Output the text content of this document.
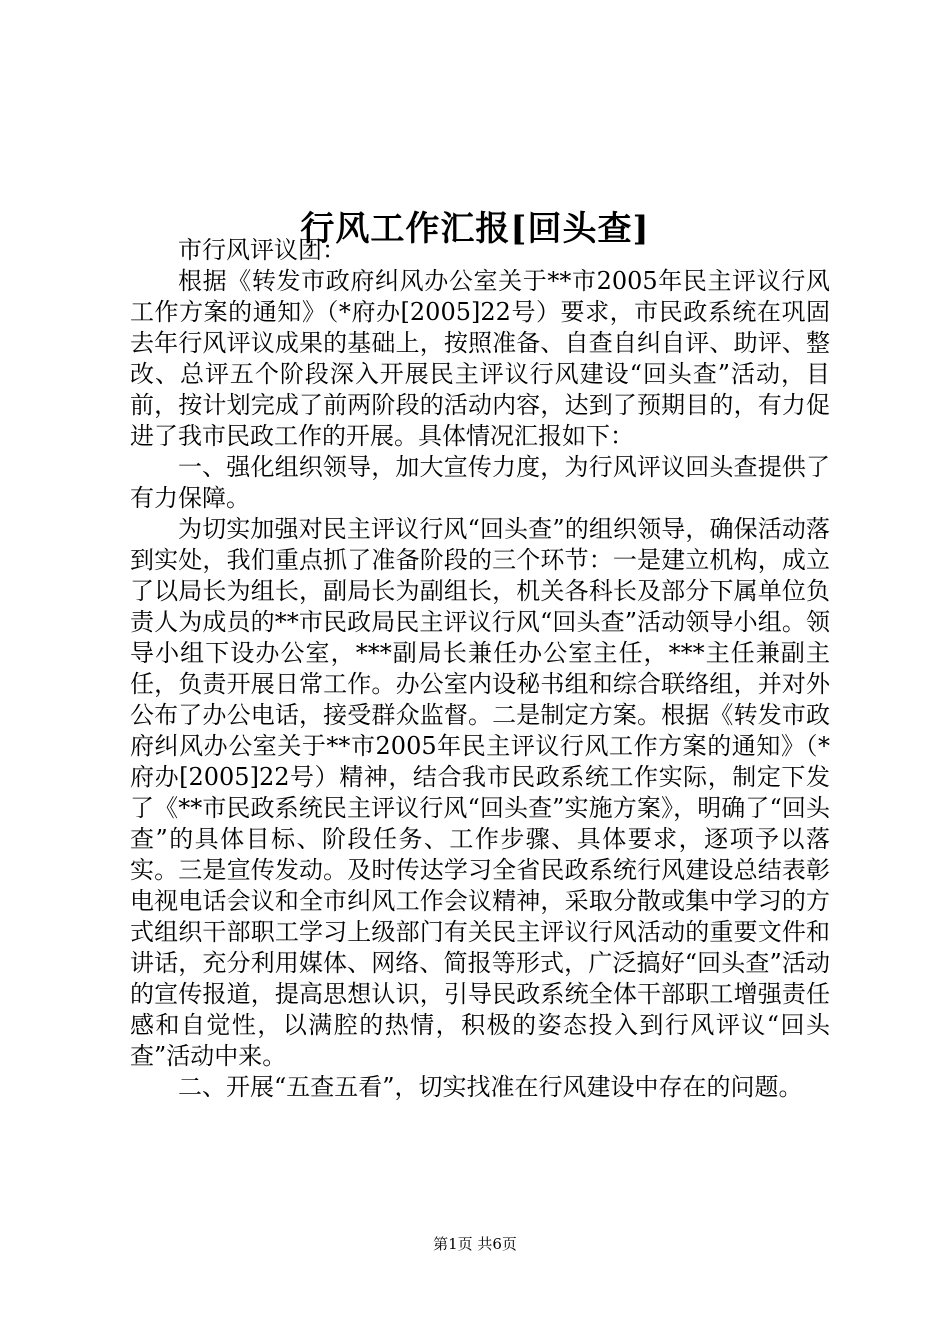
行风工作汇报[回头查]

市行风评议团：

根据《转发市政府纠风办公室关于**市2005年民主评议行风工作方案的通知》（*府办[2005]22号）要求，市民政系统在巩固去年行风评议成果的基础上，按照准备、自查自纠自评、助评、整改、总评五个阶段深入开展民主评议行风建设“回头查”活动，目前，按计划完成了前两阶段的活动内容，达到了预期目的，有力促进了我市民政工作的开展。具体情况汇报如下：

一、强化组织领导，加大宣传力度，为行风评议回头查提供了有力保障。

为切实加强对民主评议行风“回头查”的组织领导，确保活动落到实处，我们重点抓了准备阶段的三个环节：一是建立机构，成立了以局长为组长，副局长为副组长，机关各科长及部分下属单位负责人为成员的**市民政局民主评议行风“回头查”活动领导小组。领导小组下设办公室，***副局长兼任办公室主任，***主任兼副主任，负责开展日常工作。办公室内设秘书组和综合联络组，并对外公布了办公电话，接受群众监督。二是制定方案。根据《转发市政府纠风办公室关于**市2005年民主评议行风工作方案的通知》（*府办[2005]22号）精神，结合我市民政系统工作实际，制定下发了《**市民政系统民主评议行风“回头查”实施方案》，明确了“回头查”的具体目标、阶段任务、工作步骤、具体要求，逐项予以落实。三是宣传发动。及时传达学习全省民政系统行风建设总结表彰电视电话会议和全市纠风工作会议精神，采取分散或集中学习的方式组织干部职工学习上级部门有关民主评议行风活动的重要文件和讲话，充分利用媒体、网络、简报等形式，广泛搞好“回头查”活动的宣传报道，提高思想认识，引导民政系统全体干部职工增强责任感和自觉性，以满腔的热情，积极的姿态投入到行风评议“回头查”活动中来。

二、开展“五查五看”，切实找准在行风建设中存在的问题。

第1页 共6页
